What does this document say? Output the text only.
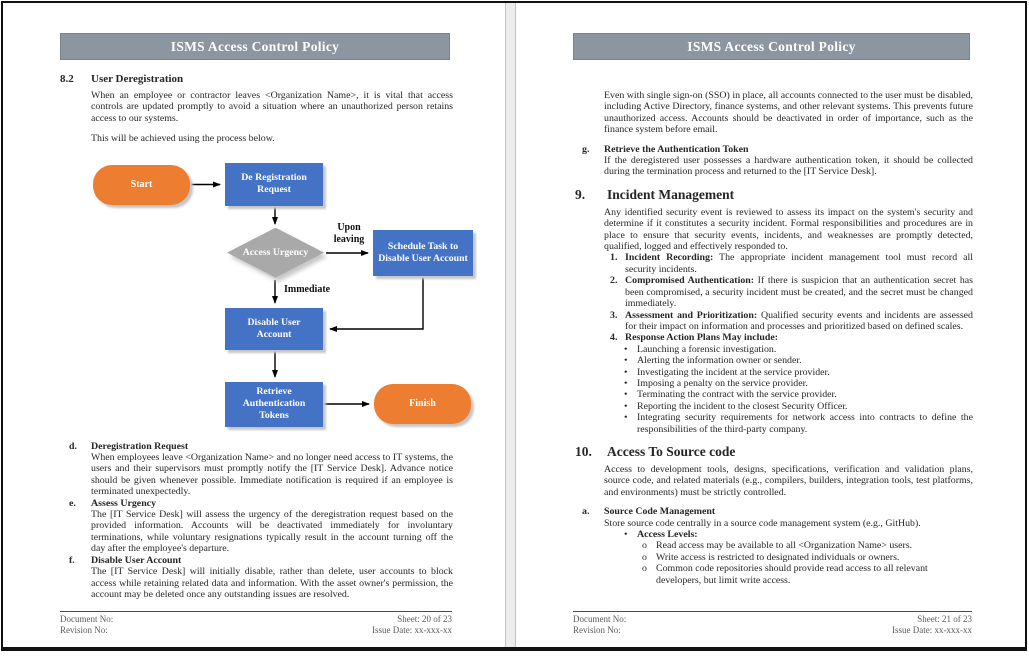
ISMS Access Control Policy
8.2	User Deregistration

When an employee or contractor leaves <Organization Name>, it is vital that access controls are updated promptly to avoid a situation where an unauthorized person retains access to our systems.

This will be achieved using the process below.

Start
De Registration Request
Access Urgency
Schedule Task to Disable User Account
Disable User Account
Retrieve Authentication Tokens
Finish
Upon leaving
Immediate
d.	Deregistration Request
When employees leave <Organization Name> and no longer need access to IT systems, the users and their supervisors must promptly notify the [IT Service Desk]. Advance notice should be given whenever possible. Immediate notification is required if an employee is terminated unexpectedly.
e.	Assess Urgency
The [IT Service Desk] will assess the urgency of the deregistration request based on the provided information. Accounts will be deactivated immediately for involuntary terminations, while voluntary resignations typically result in the account turning off the day after the employee's departure.
f.	Disable User Account
The [IT Service Desk] will initially disable, rather than delete, user accounts to block access while retaining related data and information. With the asset owner's permission, the account may be deleted once any outstanding issues are resolved.
Document No:
Revision No:
Sheet: 20 of 23
Issue Date: xx-xxx-xx
ISMS Access Control Policy

Even with single sign-on (SSO) in place, all accounts connected to the user must be disabled, including Active Directory, finance systems, and other relevant systems. This prevents future unauthorized access. Accounts should be deactivated in order of importance, such as the finance system before email.

g.	Retrieve the Authentication Token
If the deregistered user possesses a hardware authentication token, it should be collected during the termination process and returned to the [IT Service Desk].
9.	Incident Management

Any identified security event is reviewed to assess its impact on the system's security and determine if it constitutes a security incident. Formal responsibilities and procedures are in place to ensure that security events, incidents, and weaknesses are promptly detected, qualified, logged and effectively responded to.

1. Incident Recording: The appropriate incident management tool must record all security incidents.
2. Compromised Authentication: If there is suspicion that an authentication secret has been compromised, a security incident must be created, and the secret must be changed immediately.
3. Assessment and Prioritization: Qualified security events and incidents are assessed for their impact on information and processes and prioritized based on defined scales.
4. Response Action Plans May include:
• Launching a forensic investigation.
• Alerting the information owner or sender.
• Investigating the incident at the service provider.
• Imposing a penalty on the service provider.
• Terminating the contract with the service provider.
• Reporting the incident to the closest Security Officer.
• Integrating security requirements for network access into contracts to define the responsibilities of the third-party company.
10.	Access To Source code

Access to development tools, designs, specifications, verification and validation plans, source code, and related materials (e.g., compilers, builders, integration tools, test platforms, and environments) must be strictly controlled.

a.	Source Code Management
Store source code centrally in a source code management system (e.g., GitHub).
• Access Levels:
o Read access may be available to all <Organization Name> users.
o Write access is restricted to designated individuals or owners.
o Common code repositories should provide read access to all relevant developers, but limit write access.
Document No:
Revision No:
Sheet: 21 of 23
Issue Date: xx-xxx-xx
